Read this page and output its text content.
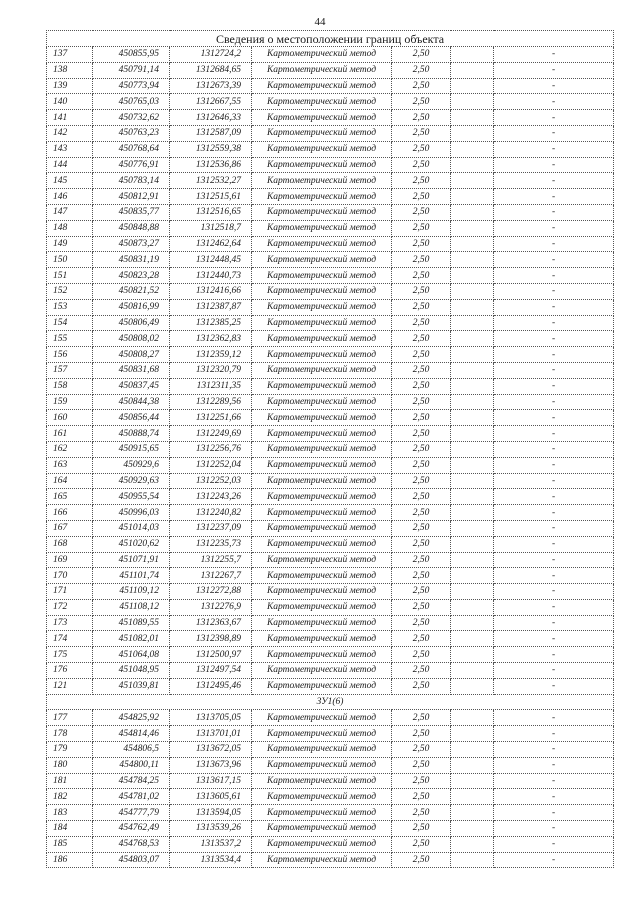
44
Сведения о местоположении границ объекта						
137	450855,95	1312724,2	Картометрический метод	2,50		-
138	450791,14	1312684,65	Картометрический метод	2,50		-
139	450773,94	1312673,39	Картометрический метод	2,50		-
140	450765,03	1312667,55	Картометрический метод	2,50		-
141	450732,62	1312646,33	Картометрический метод	2,50		-
142	450763,23	1312587,09	Картометрический метод	2,50		-
143	450768,64	1312559,38	Картометрический метод	2,50		-
144	450776,91	1312536,86	Картометрический метод	2,50		-
145	450783,14	1312532,27	Картометрический метод	2,50		-
146	450812,91	1312515,61	Картометрический метод	2,50		-
147	450835,77	1312516,65	Картометрический метод	2,50		-
148	450848,88	1312518,7	Картометрический метод	2,50		-
149	450873,27	1312462,64	Картометрический метод	2,50		-
150	450831,19	1312448,45	Картометрический метод	2,50		-
151	450823,28	1312440,73	Картометрический метод	2,50		-
152	450821,52	1312416,66	Картометрический метод	2,50		-
153	450816,99	1312387,87	Картометрический метод	2,50		-
154	450806,49	1312385,25	Картометрический метод	2,50		-
155	450808,02	1312362,83	Картометрический метод	2,50		-
156	450808,27	1312359,12	Картометрический метод	2,50		-
157	450831,68	1312320,79	Картометрический метод	2,50		-
158	450837,45	1312311,35	Картометрический метод	2,50		-
159	450844,38	1312289,56	Картометрический метод	2,50		-
160	450856,44	1312251,66	Картометрический метод	2,50		-
161	450888,74	1312249,69	Картометрический метод	2,50		-
162	450915,65	1312256,76	Картометрический метод	2,50		-
163	450929,6	1312252,04	Картометрический метод	2,50		-
164	450929,63	1312252,03	Картометрический метод	2,50		-
165	450955,54	1312243,26	Картометрический метод	2,50		-
166	450996,03	1312240,82	Картометрический метод	2,50		-
167	451014,03	1312237,09	Картометрический метод	2,50		-
168	451020,62	1312235,73	Картометрический метод	2,50		-
169	451071,91	1312255,7	Картометрический метод	2,50		-
170	451101,74	1312267,7	Картометрический метод	2,50		-
171	451109,12	1312272,88	Картометрический метод	2,50		-
172	451108,12	1312276,9	Картометрический метод	2,50		-
173	451089,55	1312363,67	Картометрический метод	2,50		-
174	451082,01	1312398,89	Картометрический метод	2,50		-
175	451064,08	1312500,97	Картометрический метод	2,50		-
176	451048,95	1312497,54	Картометрический метод	2,50		-
121	451039,81	1312495,46	Картометрический метод	2,50		-
ЗУ1(6)						
177	454825,92	1313705,05	Картометрический метод	2,50		-
178	454814,46	1313701,01	Картометрический метод	2,50		-
179	454806,5	1313672,05	Картометрический метод	2,50		-
180	454800,11	1313673,96	Картометрический метод	2,50		-
181	454784,25	1313617,15	Картометрический метод	2,50		-
182	454781,02	1313605,61	Картометрический метод	2,50		-
183	454777,79	1313594,05	Картометрический метод	2,50		-
184	454762,49	1313539,26	Картометрический метод	2,50		-
185	454768,53	1313537,2	Картометрический метод	2,50		-
186	454803,07	1313534,4	Картометрический метод	2,50		-
